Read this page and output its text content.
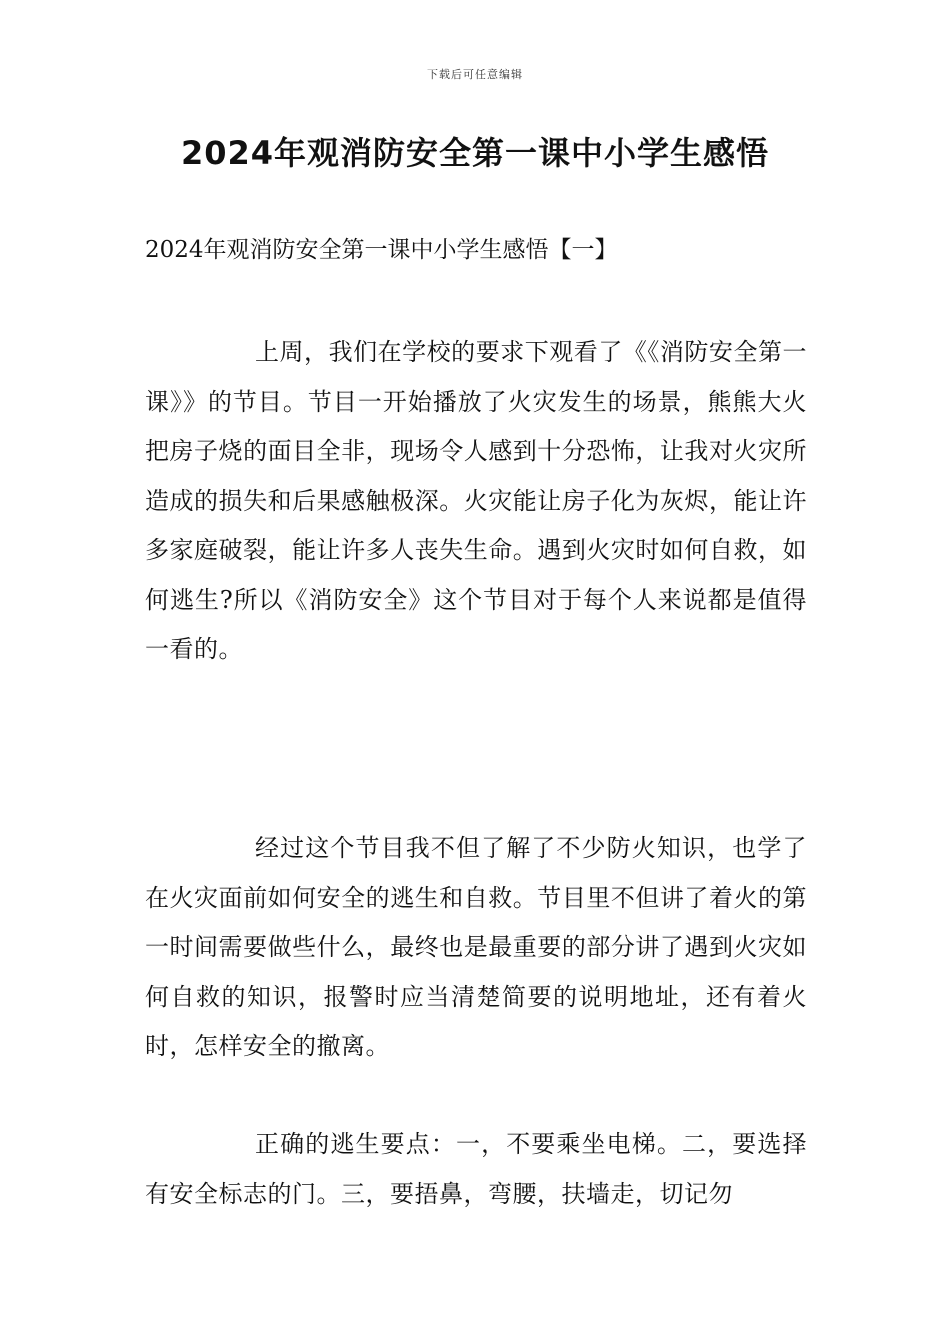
下载后可任意编辑
2024年观消防安全第一课中小学生感悟
2024年观消防安全第一课中小学生感悟【一】

上周，我们在学校的要求下观看了《《消防安全第一课》》的节目。节目一开始播放了火灾发生的场景，熊熊大火把房子烧的面目全非，现场令人感到十分恐怖，让我对火灾所造成的损失和后果感触极深。火灾能让房子化为灰烬，能让许多家庭破裂，能让许多人丧失生命。遇到火灾时如何自救，如何逃生?所以《消防安全》这个节目对于每个人来说都是值得一看的。

经过这个节目我不但了解了不少防火知识，也学了在火灾面前如何安全的逃生和自救。节目里不但讲了着火的第一时间需要做些什么，最终也是最重要的部分讲了遇到火灾如何自救的知识，报警时应当清楚简要的说明地址，还有着火时，怎样安全的撤离。

正确的逃生要点：一，不要乘坐电梯。二，要选择有安全标志的门。三，要捂鼻，弯腰，扶墙走，切记勿
